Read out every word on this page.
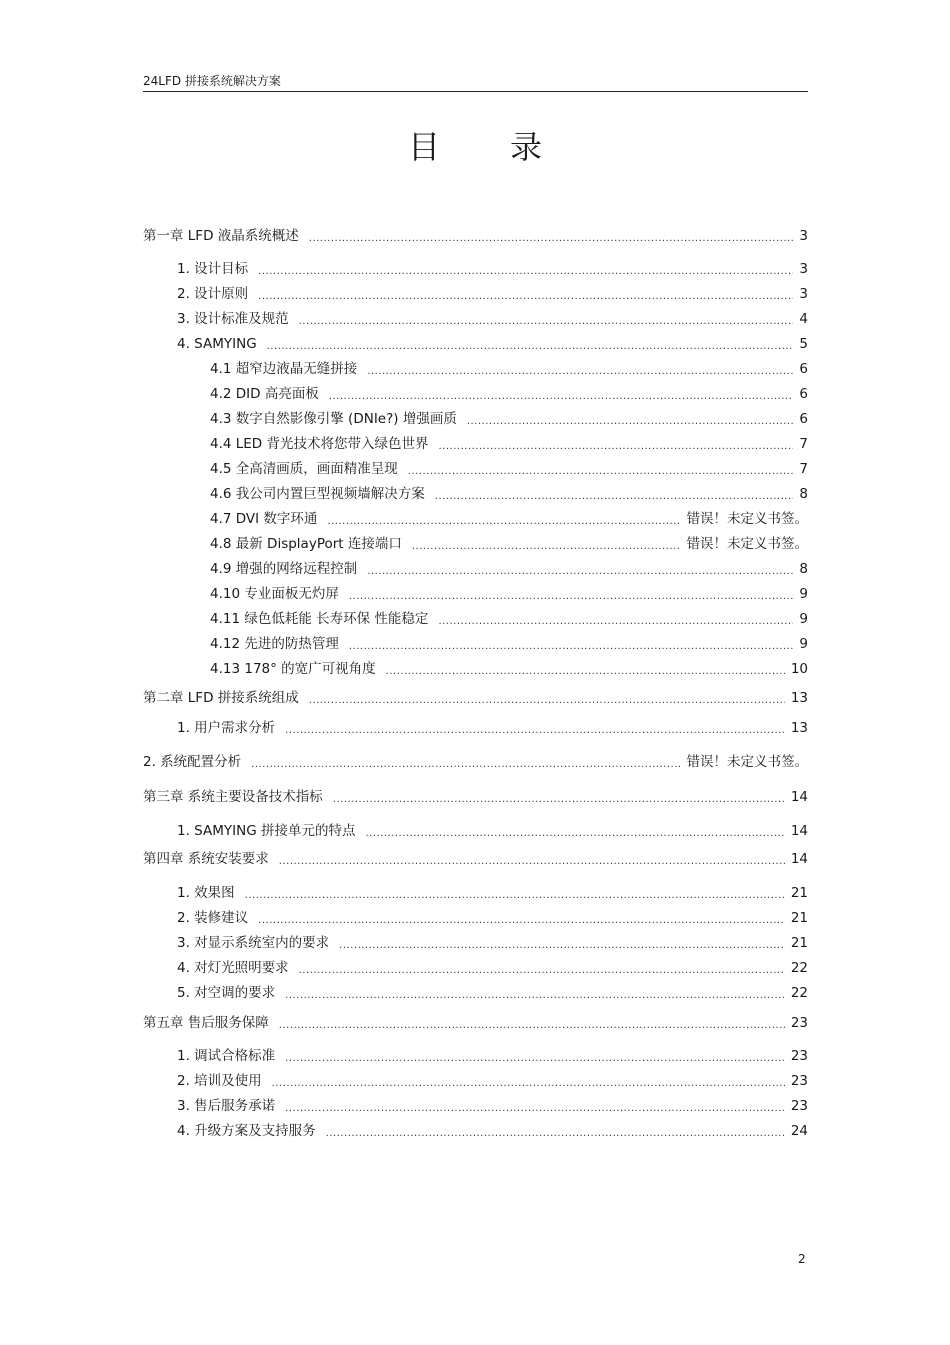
24LFD 拼接系统解决方案
目录
第一章 LFD 液晶系统概述 .....	3
1. 设计目标 .....	3
2. 设计原则 .....	3
3. 设计标准及规范 .....	4
4. SAMYING .....	5
4.1 超窄边液晶无缝拼接 .....	6
4.2 DID 高亮面板 .....	6
4.3 数字自然影像引擎 (DNIe?) 增强画质 .....	6
4.4 LED 背光技术将您带入绿色世界 .....	7
4.5 全高清画质，画面精准呈现 .....	7
4.6 我公司内置巨型视频墙解决方案 .....	8
4.7 DVI 数字环通 .....	错误！未定义书签。
4.8 最新 DisplayPort 连接端口 .....	错误！未定义书签。
4.9 增强的网络远程控制 .....	8
4.10 专业面板无灼屏 .....	9
4.11 绿色低耗能 长寿环保 性能稳定 .....	9
4.12 先进的防热管理 .....	9
4.13 178° 的宽广可视角度 .....	10
第二章 LFD 拼接系统组成 .....	13
1. 用户需求分析 .....	13
2. 系统配置分析 .....	错误！未定义书签。
第三章 系统主要设备技术指标 .....	14
1. SAMYING 拼接单元的特点 .....	14
第四章 系统安装要求 .....	14
1. 效果图 .....	21
2. 装修建议 .....	21
3. 对显示系统室内的要求 .....	21
4. 对灯光照明要求 .....	22
5. 对空调的要求 .....	22
第五章 售后服务保障 .....	23
1. 调试合格标准 .....	23
2. 培训及使用 .....	23
3. 售后服务承诺 .....	23
4. 升级方案及支持服务 .....	24
2
